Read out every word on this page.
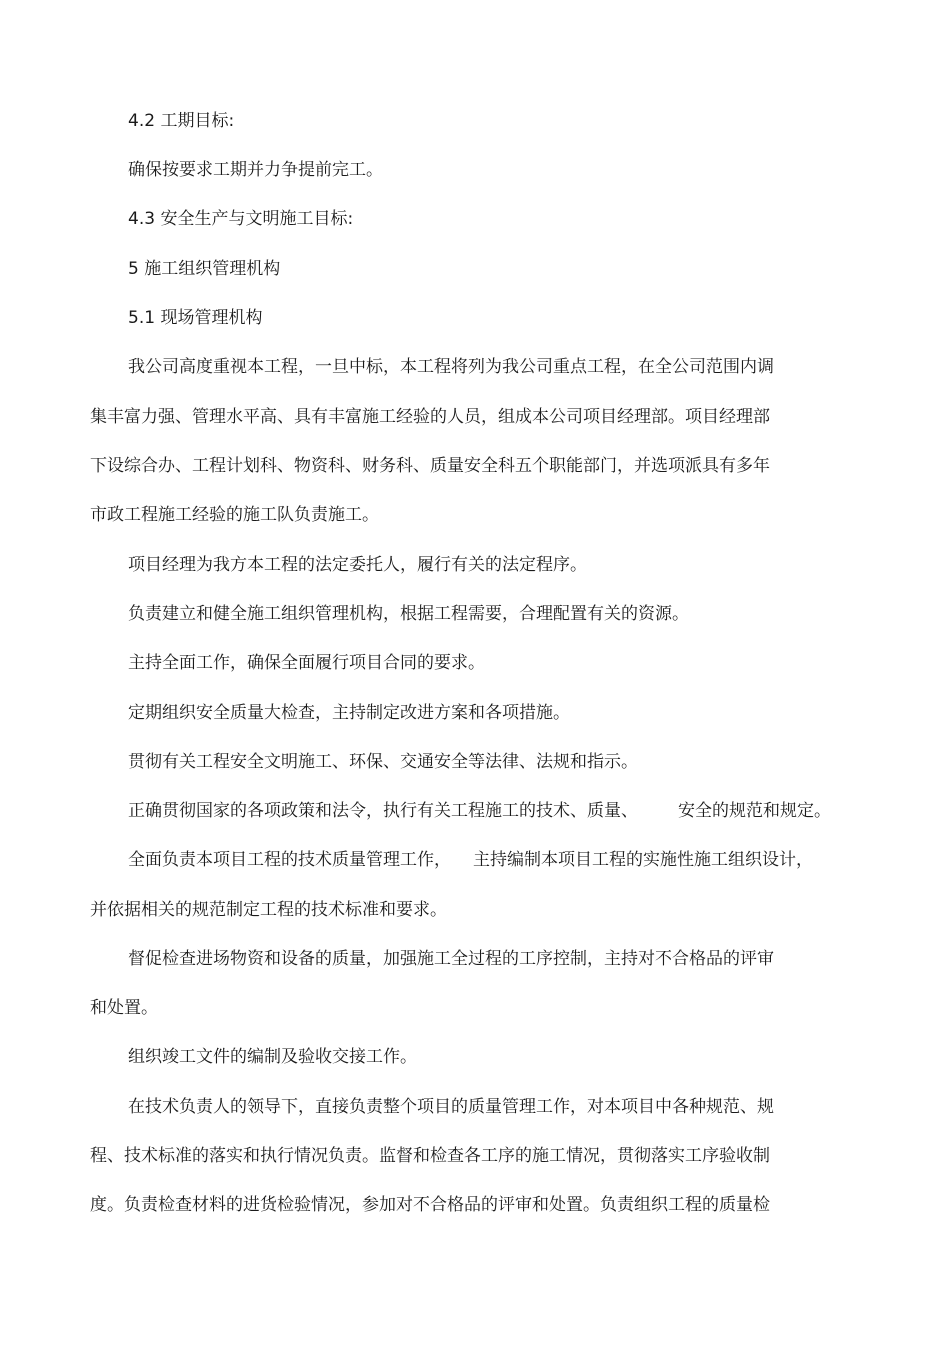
4.2 工期目标:
确保按要求工期并力争提前完工。
4.3 安全生产与文明施工目标:
5 施工组织管理机构
5.1 现场管理机构
我公司高度重视本工程，一旦中标，本工程将列为我公司重点工程，在全公司范围内调
集丰富力强、管理水平高、具有丰富施工经验的人员，组成本公司项目经理部。项目经理部
下设综合办、工程计划科、物资科、财务科、质量安全科五个职能部门，并选项派具有多年
市政工程施工经验的施工队负责施工。
项目经理为我方本工程的法定委托人，履行有关的法定程序。
负责建立和健全施工组织管理机构，根据工程需要，合理配置有关的资源。
主持全面工作，确保全面履行项目合同的要求。
定期组织安全质量大检查，主持制定改进方案和各项措施。
贯彻有关工程安全文明施工、环保、交通安全等法律、法规和指示。
正确贯彻国家的各项政策和法令，执行有关工程施工的技术、质量、 安全的规范和规定。
全面负责本项目工程的技术质量管理工作， 主持编制本项目工程的实施性施工组织设计，
并依据相关的规范制定工程的技术标准和要求。
督促检查进场物资和设备的质量，加强施工全过程的工序控制，主持对不合格品的评审
和处置。
组织竣工文件的编制及验收交接工作。
在技术负责人的领导下，直接负责整个项目的质量管理工作，对本项目中各种规范、规
程、技术标准的落实和执行情况负责。监督和检查各工序的施工情况，贯彻落实工序验收制
度。负责检查材料的进货检验情况，参加对不合格品的评审和处置。负责组织工程的质量检
